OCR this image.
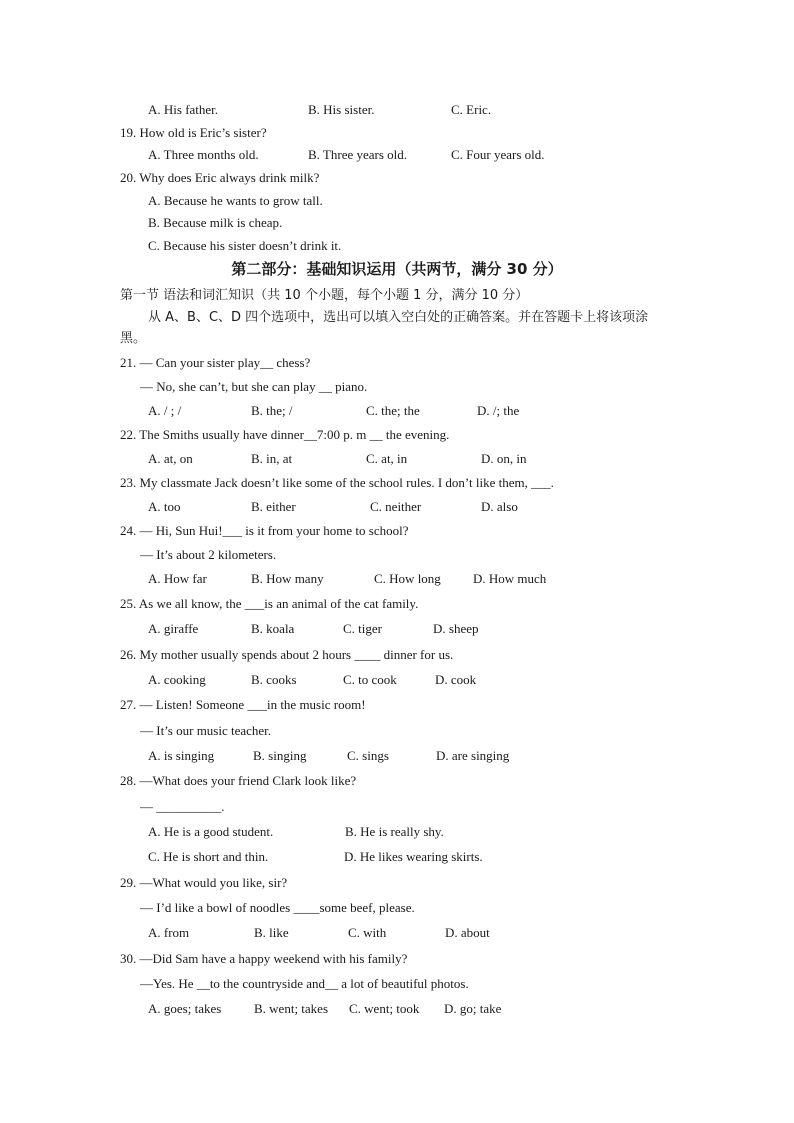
A. His father.	B. His sister.	C. Eric.
19. How old is Eric’s sister?
A. Three months old.	B. Three years old.	C. Four years old.
20. Why does Eric always drink milk?
A. Because he wants to grow tall.
B. Because milk is cheap.
C. Because his sister doesn’t drink it.
第二部分：基础知识运用（共两节，满分 30 分）
第一节 语法和词汇知识（共 10 个小题，每个小题 1 分，满分 10 分）
从 A、B、C、D 四个选项中，选出可以填入空白处的正确答案。并在答题卡上将该项涂
黑。
21. — Can your sister play__ chess?
— No, she can’t, but she can play __ piano.
A. / ; /	B. the; /	C. the; the	D. /; the
22. The Smiths usually have dinner__7:00 p. m __ the evening.
A. at, on	B. in, at	C. at, in	D. on, in
23. My classmate Jack doesn’t like some of the school rules. I don’t like them, ___.
A. too	B. either	C. neither	D. also
24. — Hi, Sun Hui!___ is it from your home to school?
— It’s about 2 kilometers.
A. How far	B. How many	C. How long D. How much
25. As we all know, the ___is an animal of the cat family.
A. giraffe	B. koala	C. tiger	D. sheep
26. My mother usually spends about 2 hours ____ dinner for us.
A. cooking	B. cooks	C. to cook	D. cook
27. — Listen! Someone ___in the music room!
— It’s our music teacher.
A. is singing	B. singing	C. sings	D. are singing
28. —What does your friend Clark look like?
— __________.
A. He is a good student.	B. He is really shy.
C. He is short and thin.	D. He likes wearing skirts.
29. —What would you like, sir?
— I’d like a bowl of noodles ____some beef, please.
A. from	B. like	C. with	D. about
30. —Did Sam have a happy weekend with his family?
—Yes. He __to the countryside and__ a lot of beautiful photos.
A. goes; takes	B. went; takes C. went; took D. go; take
